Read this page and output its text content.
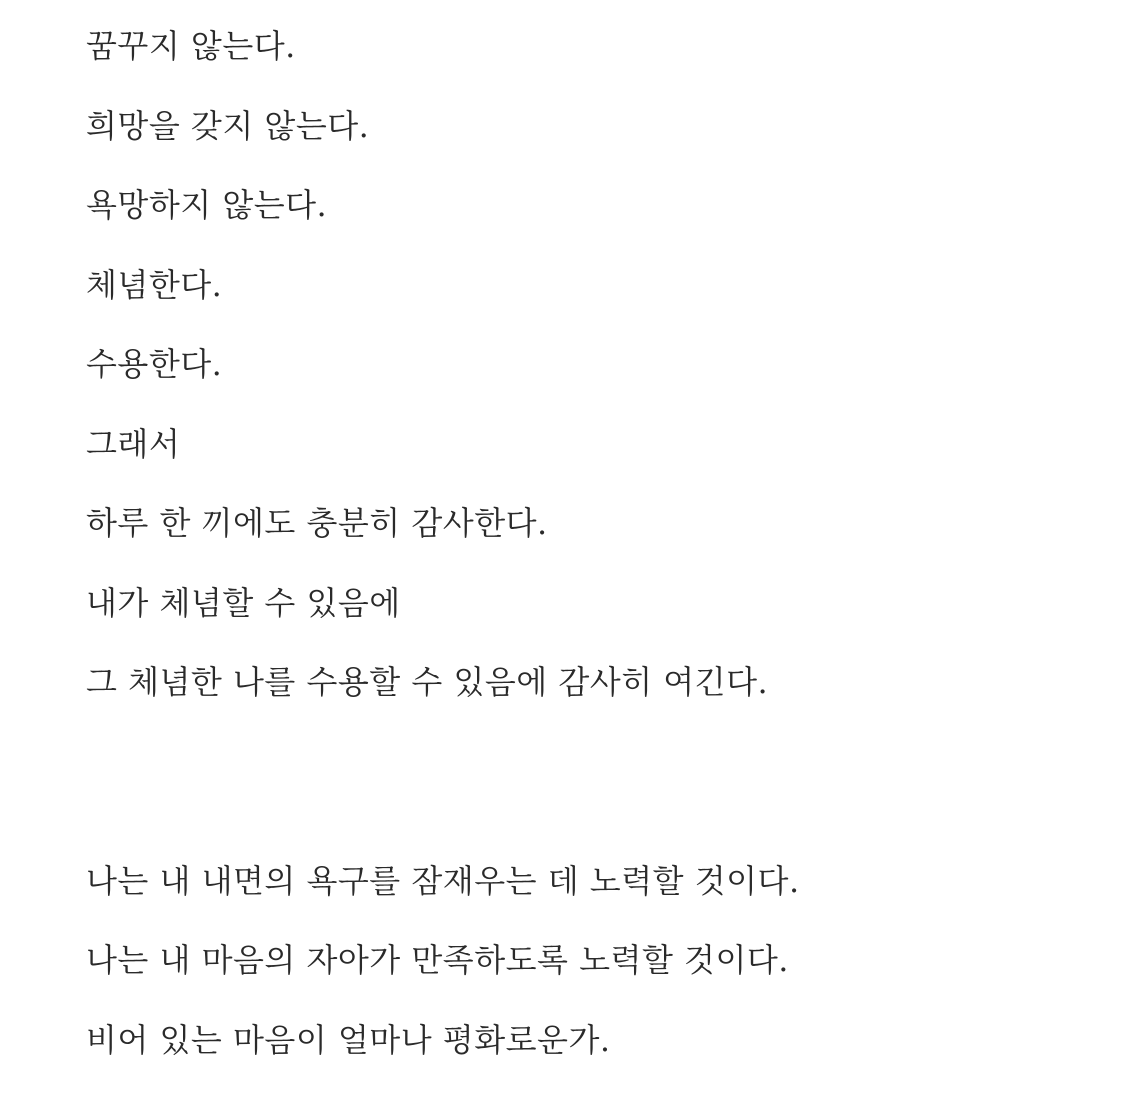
꿈꾸지 않는다.
희망을 갖지 않는다.
욕망하지 않는다.
체념한다.
수용한다.
그래서
하루 한 끼에도 충분히 감사한다.
내가 체념할 수 있음에
그 체념한 나를 수용할 수 있음에 감사히 여긴다.
나는 내 내면의 욕구를 잠재우는 데 노력할 것이다.
나는 내 마음의 자아가 만족하도록 노력할 것이다.
비어 있는 마음이 얼마나 평화로운가.
